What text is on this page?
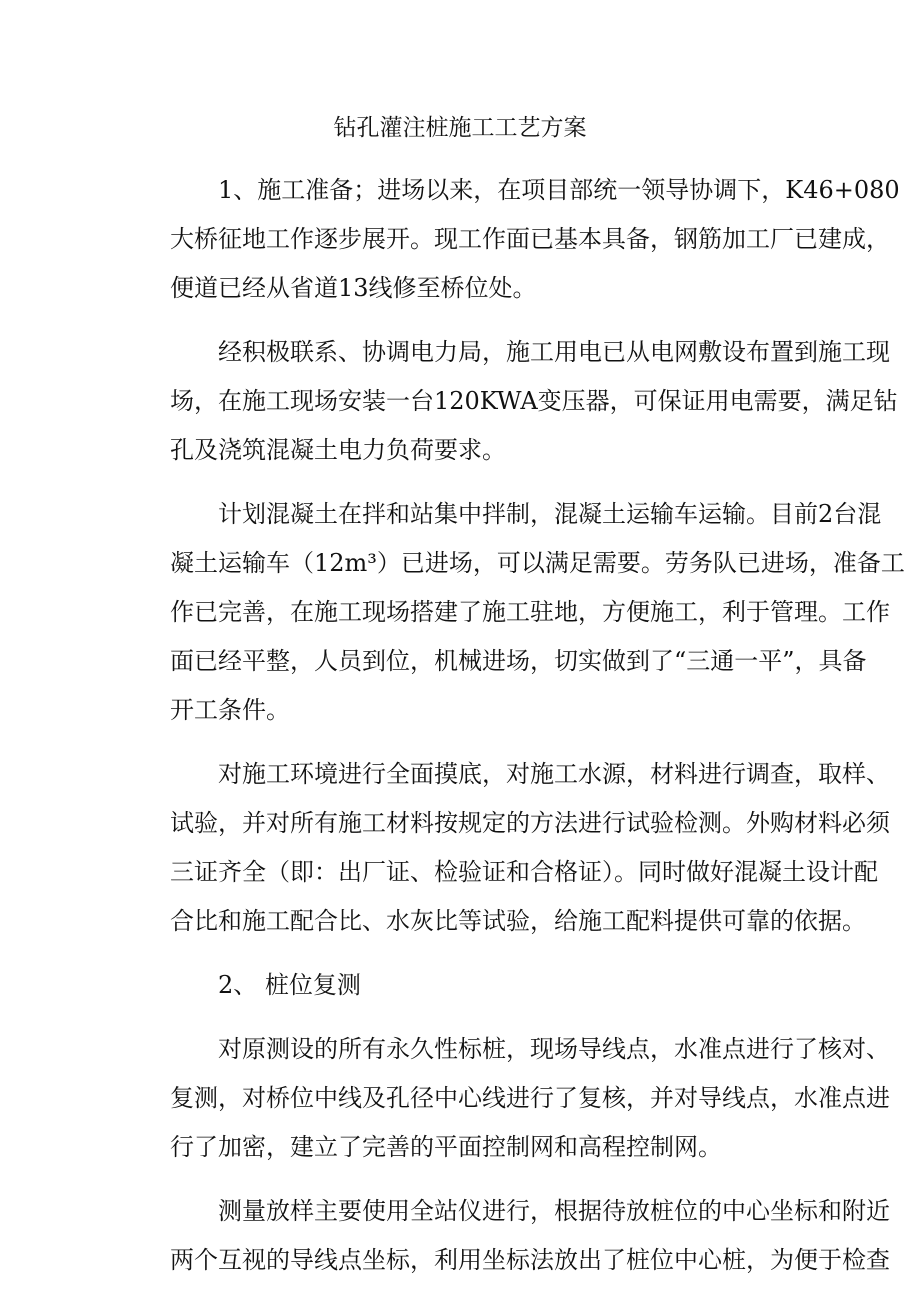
钻孔灌注桩施工工艺方案
1、施工准备；进场以来，在项目部统一领导协调下，K46+080
大桥征地工作逐步展开。现工作面已基本具备，钢筋加工厂已建成，
便道已经从省道13线修至桥位处。
经积极联系、协调电力局，施工用电已从电网敷设布置到施工现
场，在施工现场安装一台120KWA变压器，可保证用电需要，满足钻
孔及浇筑混凝土电力负荷要求。
计划混凝土在拌和站集中拌制，混凝土运输车运输。目前2台混
凝土运输车（12m³）已进场，可以满足需要。劳务队已进场，准备工
作已完善，在施工现场搭建了施工驻地，方便施工，利于管理。工作
面已经平整，人员到位，机械进场，切实做到了“三通一平”，具备
开工条件。
对施工环境进行全面摸底，对施工水源，材料进行调查，取样、
试验，并对所有施工材料按规定的方法进行试验检测。外购材料必须
三证齐全（即：出厂证、检验证和合格证）。同时做好混凝土设计配
合比和施工配合比、水灰比等试验，给施工配料提供可靠的依据。
2、 桩位复测
对原测设的所有永久性标桩，现场导线点，水准点进行了核对、
复测，对桥位中线及孔径中心线进行了复核，并对导线点，水准点进
行了加密，建立了完善的平面控制网和高程控制网。
测量放样主要使用全站仪进行，根据待放桩位的中心坐标和附近
两个互视的导线点坐标，利用坐标法放出了桩位中心桩，为便于检查
